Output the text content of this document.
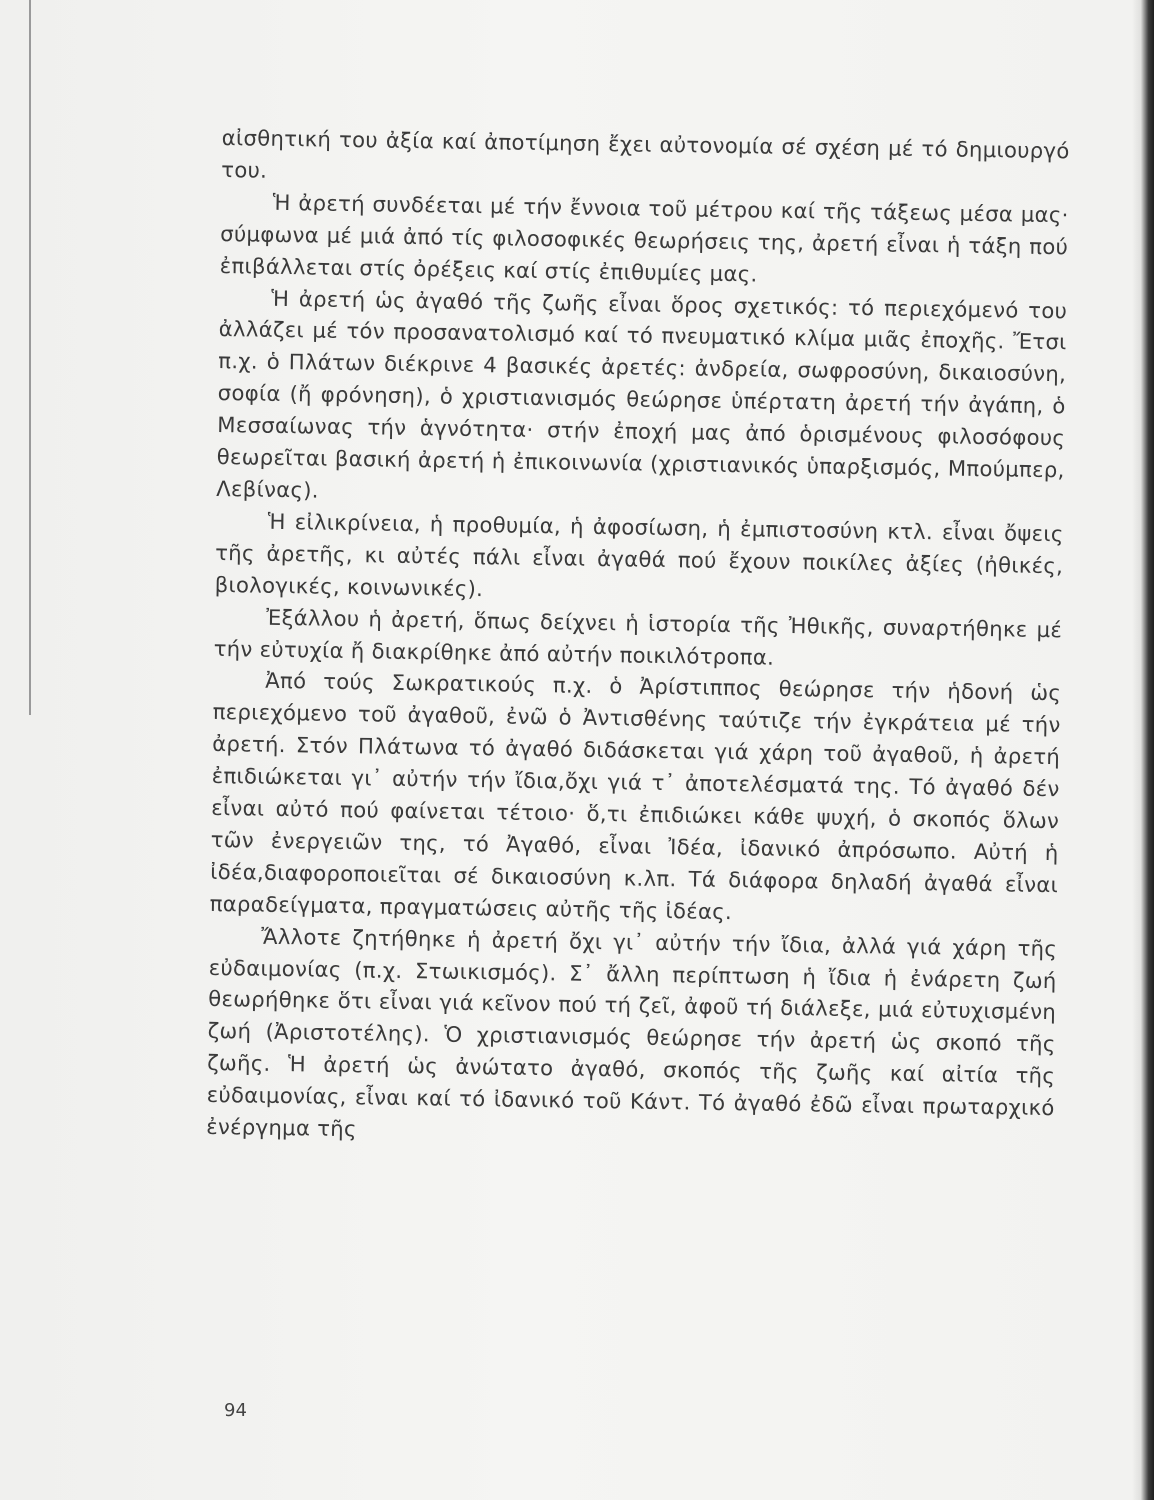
αἰσθητική του ἀξία καί ἀποτίμηση ἔχει αὐτονομία σέ σχέση μέ τό δημιουργό του.

Ἡ ἀρετή συνδέεται μέ τήν ἔννοια τοῦ μέτρου καί τῆς τάξεως μέσα μας· σύμφωνα μέ μιά ἀπό τίς φιλοσοφικές θεωρήσεις της, ἀρετή εἶναι ἡ τάξη πού ἐπιβάλλεται στίς ὀρέξεις καί στίς ἐπιθυμίες μας.

Ἡ ἀρετή ὡς ἀγαθό τῆς ζωῆς εἶναι ὅρος σχετικός: τό περιεχόμενό του ἀλλάζει μέ τόν προσανατολισμό καί τό πνευματικό κλίμα μιᾶς ἐποχῆς. Ἔτσι π.χ. ὁ Πλάτων διέκρινε 4 βασικές ἀρετές: ἀνδρεία, σωφροσύνη, δικαιοσύνη, σοφία (ἤ φρόνηση), ὁ χριστιανισμός θεώρησε ὑπέρτατη ἀρετή τήν ἀγάπη, ὁ Μεσσαίωνας τήν ἁγνότητα· στήν ἐποχή μας ἀπό ὁρισμένους φιλοσόφους θεωρεῖται βασική ἀρετή ἡ ἐπικοινωνία (χριστιανικός ὑπαρξισμός, Μπούμπερ, Λεβίνας).

Ἡ εἰλικρίνεια, ἡ προθυμία, ἡ ἀφοσίωση, ἡ ἐμπιστοσύνη κτλ. εἶναι ὄψεις τῆς ἀρετῆς, κι αὐτές πάλι εἶναι ἀγαθά πού ἔχουν ποικίλες ἀξίες (ἠθικές, βιολογικές, κοινωνικές).

Ἐξάλλου ἡ ἀρετή, ὅπως δείχνει ἡ ἱστορία τῆς Ἠθικῆς, συναρτήθηκε μέ τήν εὐτυχία ἤ διακρίθηκε ἀπό αὐτήν ποικιλότροπα.

Ἀπό τούς Σωκρατικούς π.χ. ὁ Ἀρίστιππος θεώρησε τήν ἡδονή ὡς περιεχόμενο τοῦ ἀγαθοῦ, ἐνῶ ὁ Ἀντισθένης ταύτιζε τήν ἐγκράτεια μέ τήν ἀρετή. Στόν Πλάτωνα τό ἀγαθό διδάσκεται γιά χάρη τοῦ ἀγαθοῦ, ἡ ἀρετή ἐπιδιώκεται γι᾽ αὐτήν τήν ἴδια,ὄχι γιά τ᾽ ἀποτελέσματά της. Τό ἀγαθό δέν εἶναι αὐτό πού φαίνεται τέτοιο· ὅ,τι ἐπιδιώκει κάθε ψυχή, ὁ σκοπός ὅλων τῶν ἐνεργειῶν της, τό Ἀγαθό, εἶναι Ἰδέα, ἰδανικό ἀπρόσωπο. Αὐτή ἡ ἰδέα,διαφοροποιεῖται σέ δικαιοσύνη κ.λπ. Τά διάφορα δηλαδή ἀγαθά εἶναι παραδείγματα, πραγματώσεις αὐτῆς τῆς ἰδέας.

Ἄλλοτε ζητήθηκε ἡ ἀρετή ὄχι γι᾽ αὐτήν τήν ἴδια, ἀλλά γιά χάρη τῆς εὐδαιμονίας (π.χ. Στωικισμός). Σ᾽ ἄλλη περίπτωση ἡ ἴδια ἡ ἐνάρετη ζωή θεωρήθηκε ὅτι εἶναι γιά κεῖνον πού τή ζεῖ, ἀφοῦ τή διάλεξε, μιά εὐτυχισμένη ζωή (Ἀριστοτέλης). Ὁ χριστιανισμός θεώρησε τήν ἀρετή ὡς σκοπό τῆς ζωῆς. Ἡ ἀρετή ὡς ἀνώτατο ἀγαθό, σκοπός τῆς ζωῆς καί αἰτία τῆς εὐδαιμονίας, εἶναι καί τό ἰδανικό τοῦ Κάντ. Τό ἀγαθό ἐδῶ εἶναι πρωταρχικό ἐνέργημα τῆς

94
